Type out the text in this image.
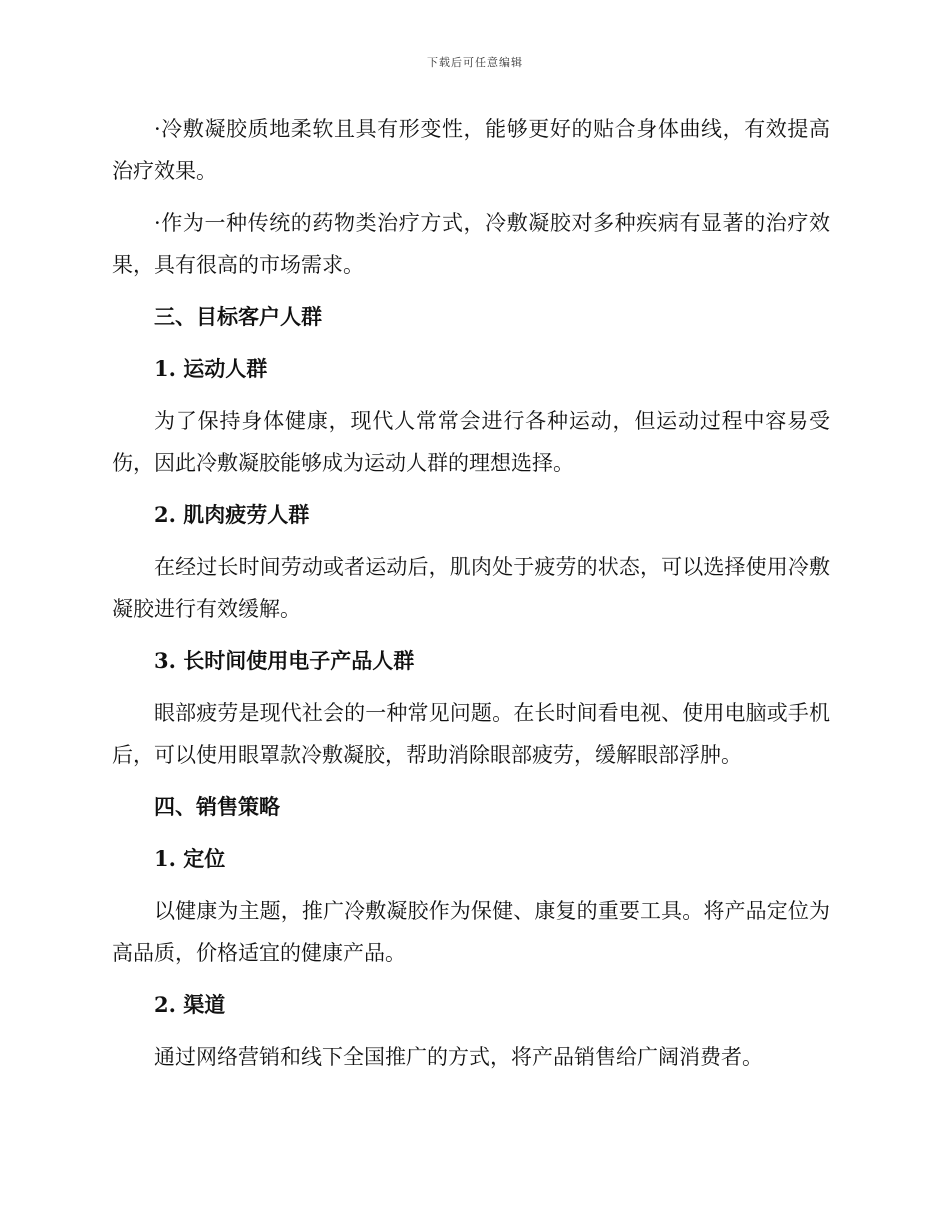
下载后可任意编辑

·冷敷凝胶质地柔软且具有形变性，能够更好的贴合身体曲线，有效提高治疗效果。

·作为一种传统的药物类治疗方式，冷敷凝胶对多种疾病有显著的治疗效果，具有很高的市场需求。

三、目标客户人群
1. 运动人群

为了保持身体健康，现代人常常会进行各种运动，但运动过程中容易受伤，因此冷敷凝胶能够成为运动人群的理想选择。

2. 肌肉疲劳人群

在经过长时间劳动或者运动后，肌肉处于疲劳的状态，可以选择使用冷敷凝胶进行有效缓解。

3. 长时间使用电子产品人群

眼部疲劳是现代社会的一种常见问题。在长时间看电视、使用电脑或手机后，可以使用眼罩款冷敷凝胶，帮助消除眼部疲劳，缓解眼部浮肿。

四、销售策略
1. 定位

以健康为主题，推广冷敷凝胶作为保健、康复的重要工具。将产品定位为高品质，价格适宜的健康产品。

2. 渠道

通过网络营销和线下全国推广的方式，将产品销售给广阔消费者。
